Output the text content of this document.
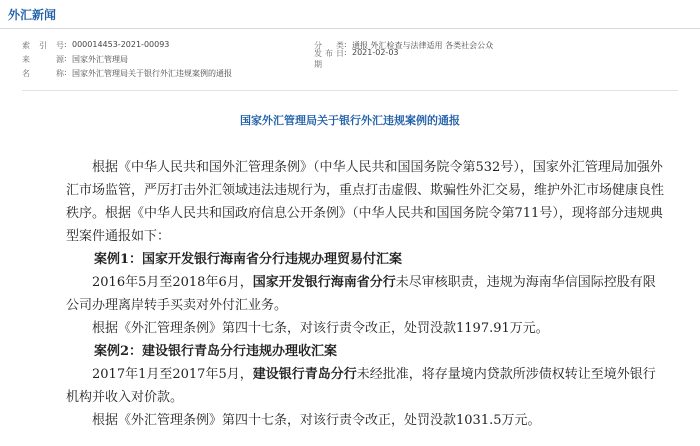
外汇新闻
索 引 号 : 000014453-2021-00093	分 类 : 通报 外汇检查与法律适用 各类社会公众
来 源 : 国家外汇管理局
发布日期
: 2021-02-03
名 称 : 国家外汇管理局关于银行外汇违规案例的通报
国家外汇管理局关于银行外汇违规案例的通报

根据《中华人民共和国外汇管理条例》（中华人民共和国国务院令第532号），国家外汇管理局加强外汇市场监管，严厉打击外汇领域违法违规行为，重点打击虚假、欺骗性外汇交易，维护外汇市场健康良性秩序。根据《中华人民共和国政府信息公开条例》（中华人民共和国国务院令第711号），现将部分违规典型案件通报如下：

案例1：国家开发银行海南省分行违规办理贸易付汇案

2016年5月至2018年6月，国家开发银行海南省分行未尽审核职责，违规为海南华信国际控股有限公司办理离岸转手买卖对外付汇业务。

根据《外汇管理条例》第四十七条，对该行责令改正，处罚没款1197.91万元。

案例2：建设银行青岛分行违规办理收汇案

2017年1月至2017年5月，建设银行青岛分行未经批准，将存量境内贷款所涉债权转让至境外银行机构并收入对价款。

根据《外汇管理条例》第四十七条，对该行责令改正，处罚没款1031.5万元。
